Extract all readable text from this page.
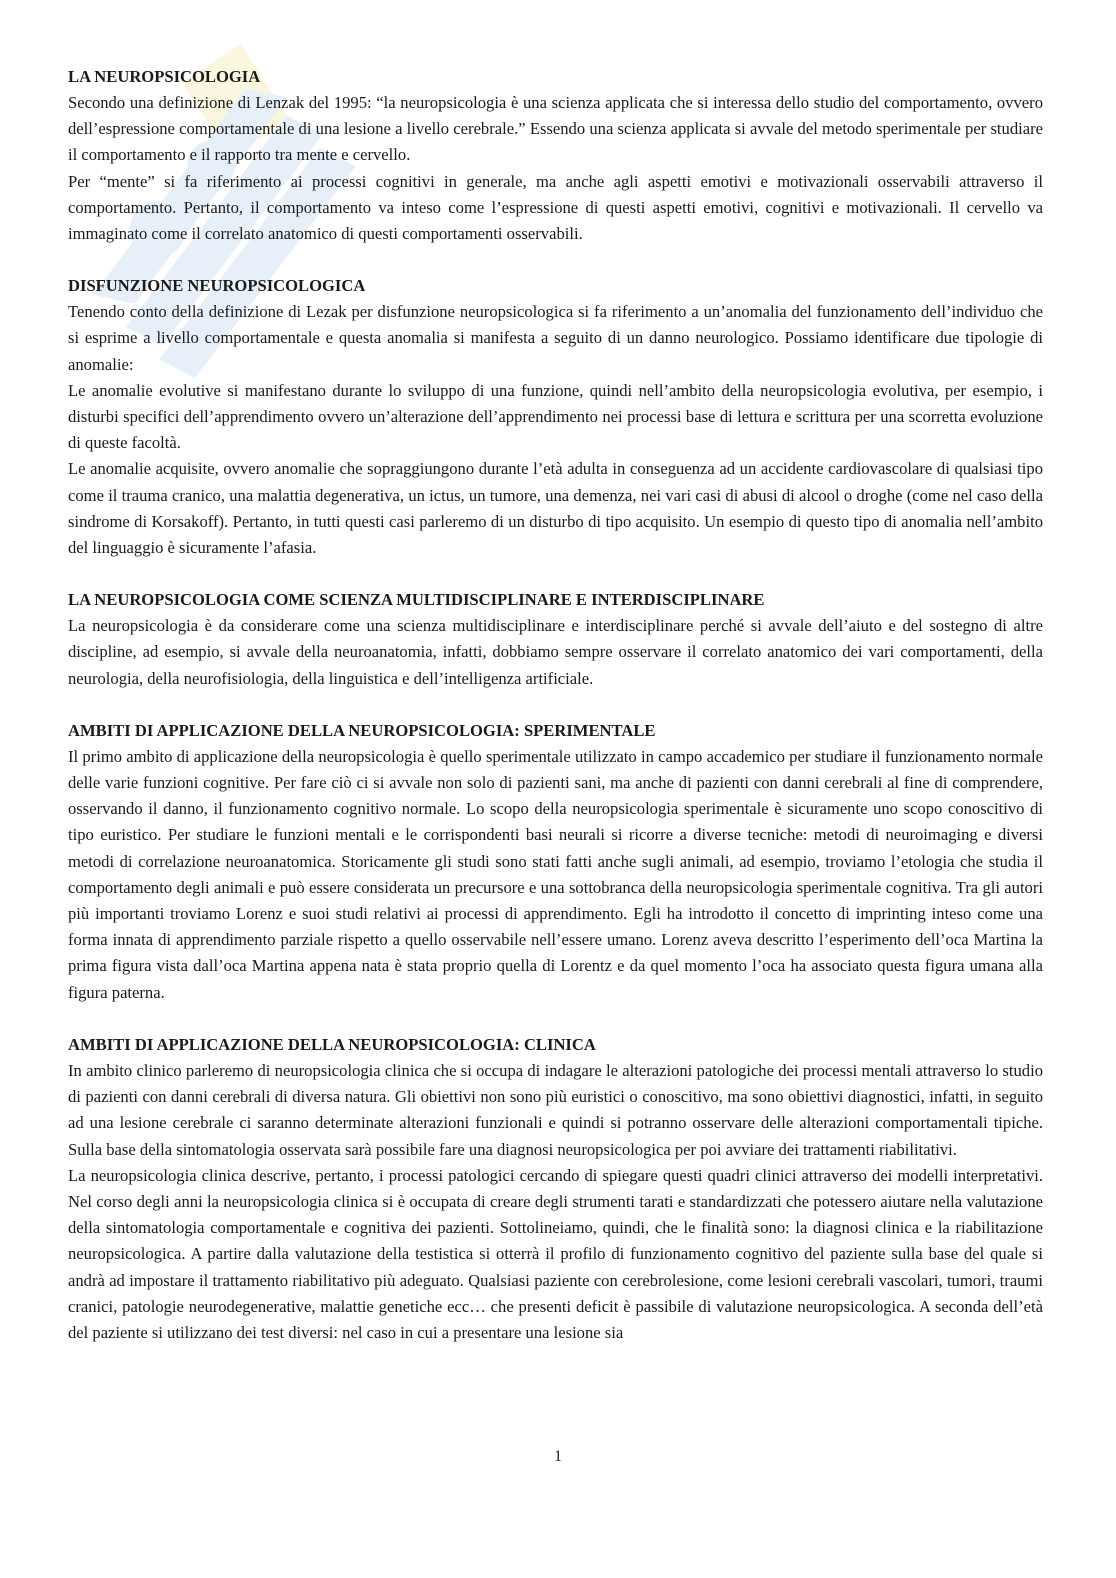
LA NEUROPSICOLOGIA

Secondo una definizione di Lenzak del 1995: “la neuropsicologia è una scienza applicata che si interessa dello studio del comportamento, ovvero dell’espressione comportamentale di una lesione a livello cerebrale.” Essendo una scienza applicata si avvale del metodo sperimentale per studiare il comportamento e il rapporto tra mente e cervello.

Per “mente” si fa riferimento ai processi cognitivi in generale, ma anche agli aspetti emotivi e motivazionali osservabili attraverso il comportamento. Pertanto, il comportamento va inteso come l’espressione di questi aspetti emotivi, cognitivi e motivazionali. Il cervello va immaginato come il correlato anatomico di questi comportamenti osservabili.

DISFUNZIONE NEUROPSICOLOGICA

Tenendo conto della definizione di Lezak per disfunzione neuropsicologica si fa riferimento a un’anomalia del funzionamento dell’individuo che si esprime a livello comportamentale e questa anomalia si manifesta a seguito di un danno neurologico. Possiamo identificare due tipologie di anomalie:

Le anomalie evolutive si manifestano durante lo sviluppo di una funzione, quindi nell’ambito della neuropsicologia evolutiva, per esempio, i disturbi specifici dell’apprendimento ovvero un’alterazione dell’apprendimento nei processi base di lettura e scrittura per una scorretta evoluzione di queste facoltà.

Le anomalie acquisite, ovvero anomalie che sopraggiungono durante l’età adulta in conseguenza ad un accidente cardiovascolare di qualsiasi tipo come il trauma cranico, una malattia degenerativa, un ictus, un tumore, una demenza, nei vari casi di abusi di alcool o droghe (come nel caso della sindrome di Korsakoff). Pertanto, in tutti questi casi parleremo di un disturbo di tipo acquisito. Un esempio di questo tipo di anomalia nell’ambito del linguaggio è sicuramente l’afasia.

LA NEUROPSICOLOGIA COME SCIENZA MULTIDISCIPLINARE E INTERDISCIPLINARE

La neuropsicologia è da considerare come una scienza multidisciplinare e interdisciplinare perché si avvale dell’aiuto e del sostegno di altre discipline, ad esempio, si avvale della neuroanatomia, infatti, dobbiamo sempre osservare il correlato anatomico dei vari comportamenti, della neurologia, della neurofisiologia, della linguistica e dell’intelligenza artificiale.

AMBITI DI APPLICAZIONE DELLA NEUROPSICOLOGIA: SPERIMENTALE

Il primo ambito di applicazione della neuropsicologia è quello sperimentale utilizzato in campo accademico per studiare il funzionamento normale delle varie funzioni cognitive. Per fare ciò ci si avvale non solo di pazienti sani, ma anche di pazienti con danni cerebrali al fine di comprendere, osservando il danno, il funzionamento cognitivo normale. Lo scopo della neuropsicologia sperimentale è sicuramente uno scopo conoscitivo di tipo euristico. Per studiare le funzioni mentali e le corrispondenti basi neurali si ricorre a diverse tecniche: metodi di neuroimaging e diversi metodi di correlazione neuroanatomica. Storicamente gli studi sono stati fatti anche sugli animali, ad esempio, troviamo l’etologia che studia il comportamento degli animali e può essere considerata un precursore e una sottobranca della neuropsicologia sperimentale cognitiva. Tra gli autori più importanti troviamo Lorenz e suoi studi relativi ai processi di apprendimento. Egli ha introdotto il concetto di imprinting inteso come una forma innata di apprendimento parziale rispetto a quello osservabile nell’essere umano. Lorenz aveva descritto l’esperimento dell’oca Martina la prima figura vista dall’oca Martina appena nata è stata proprio quella di Lorentz e da quel momento l’oca ha associato questa figura umana alla figura paterna.

AMBITI DI APPLICAZIONE DELLA NEUROPSICOLOGIA: CLINICA

In ambito clinico parleremo di neuropsicologia clinica che si occupa di indagare le alterazioni patologiche dei processi mentali attraverso lo studio di pazienti con danni cerebrali di diversa natura. Gli obiettivi non sono più euristici o conoscitivo, ma sono obiettivi diagnostici, infatti, in seguito ad una lesione cerebrale ci saranno determinate alterazioni funzionali e quindi si potranno osservare delle alterazioni comportamentali tipiche. Sulla base della sintomatologia osservata sarà possibile fare una diagnosi neuropsicologica per poi avviare dei trattamenti riabilitativi.

La neuropsicologia clinica descrive, pertanto, i processi patologici cercando di spiegare questi quadri clinici attraverso dei modelli interpretativi. Nel corso degli anni la neuropsicologia clinica si è occupata di creare degli strumenti tarati e standardizzati che potessero aiutare nella valutazione della sintomatologia comportamentale e cognitiva dei pazienti. Sottolineiamo, quindi, che le finalità sono: la diagnosi clinica e la riabilitazione neuropsicologica. A partire dalla valutazione della testistica si otterrà il profilo di funzionamento cognitivo del paziente sulla base del quale si andrà ad impostare il trattamento riabilitativo più adeguato. Qualsiasi paziente con cerebrolesione, come lesioni cerebrali vascolari, tumori, traumi cranici, patologie neurodegenerative, malattie genetiche ecc… che presenti deficit è passibile di valutazione neuropsicologica. A seconda dell’età del paziente si utilizzano dei test diversi: nel caso in cui a presentare una lesione sia

1
